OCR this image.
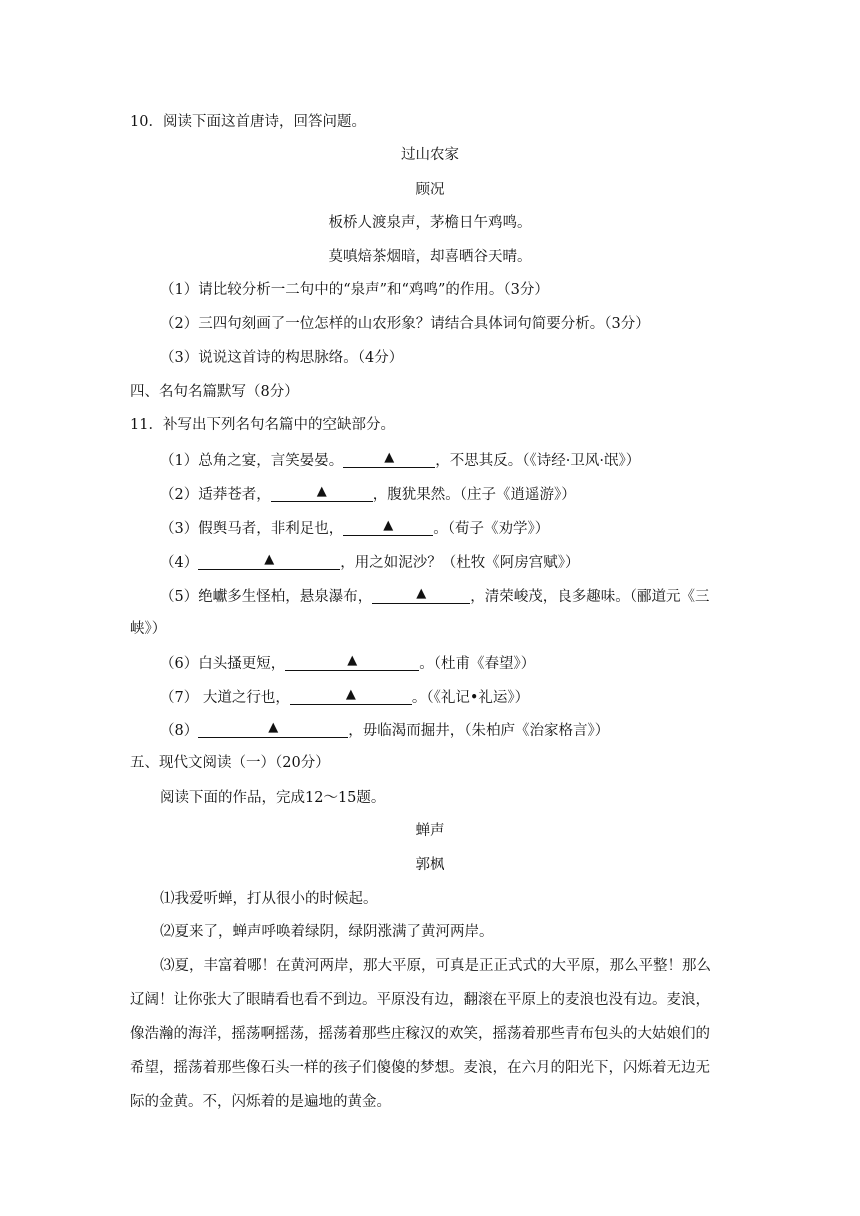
10．阅读下面这首唐诗，回答问题。
过山农家
顾况
板桥人渡泉声，茅檐日午鸡鸣。
莫嗔焙茶烟暗，却喜晒谷天晴。
（1）请比较分析一二句中的“泉声”和“鸡鸣”的作用。（3分）
（2）三四句刻画了一位怎样的山农形象？请结合具体词句简要分析。（3分）
（3）说说这首诗的构思脉络。（4分）
四、名句名篇默写（8分）
11．补写出下列名句名篇中的空缺部分。
（1）总角之宴，言笑晏晏。	▲	，不思其反。（《诗经·卫风·氓》）
（2）适莽苍者，	▲	，腹犹果然。（庄子《逍遥游》）
（3）假舆马者，非利足也，	▲	。（荀子《劝学》）
（4）	▲	，用之如泥沙？（杜牧《阿房宫赋》）
（5）绝巘多生怪柏，悬泉瀑布，	▲	，清荣峻茂，良多趣味。（郦道元《三
峡》）
（6）白头搔更短，	▲	。（杜甫《春望》）
（7） 大道之行也，	▲	。（《礼记•礼运》）
（8）	▲	，毋临渴而掘井，（朱柏庐《治家格言》）
五、现代文阅读（一）（20分）
阅读下面的作品，完成12～15题。
蝉声
郭枫
⑴我爱听蝉，打从很小的时候起。
⑵夏来了，蝉声呼唤着绿阴，绿阴涨满了黄河两岸。
⑶夏，丰富着哪！在黄河两岸，那大平原，可真是正正式式的大平原，那么平整！那么
辽阔！让你张大了眼睛看也看不到边。平原没有边，翻滚在平原上的麦浪也没有边。麦浪，
像浩瀚的海洋，摇荡啊摇荡，摇荡着那些庄稼汉的欢笑，摇荡着那些青布包头的大姑娘们的
希望，摇荡着那些像石头一样的孩子们傻傻的梦想。麦浪，在六月的阳光下，闪烁着无边无
际的金黄。不，闪烁着的是遍地的黄金。
